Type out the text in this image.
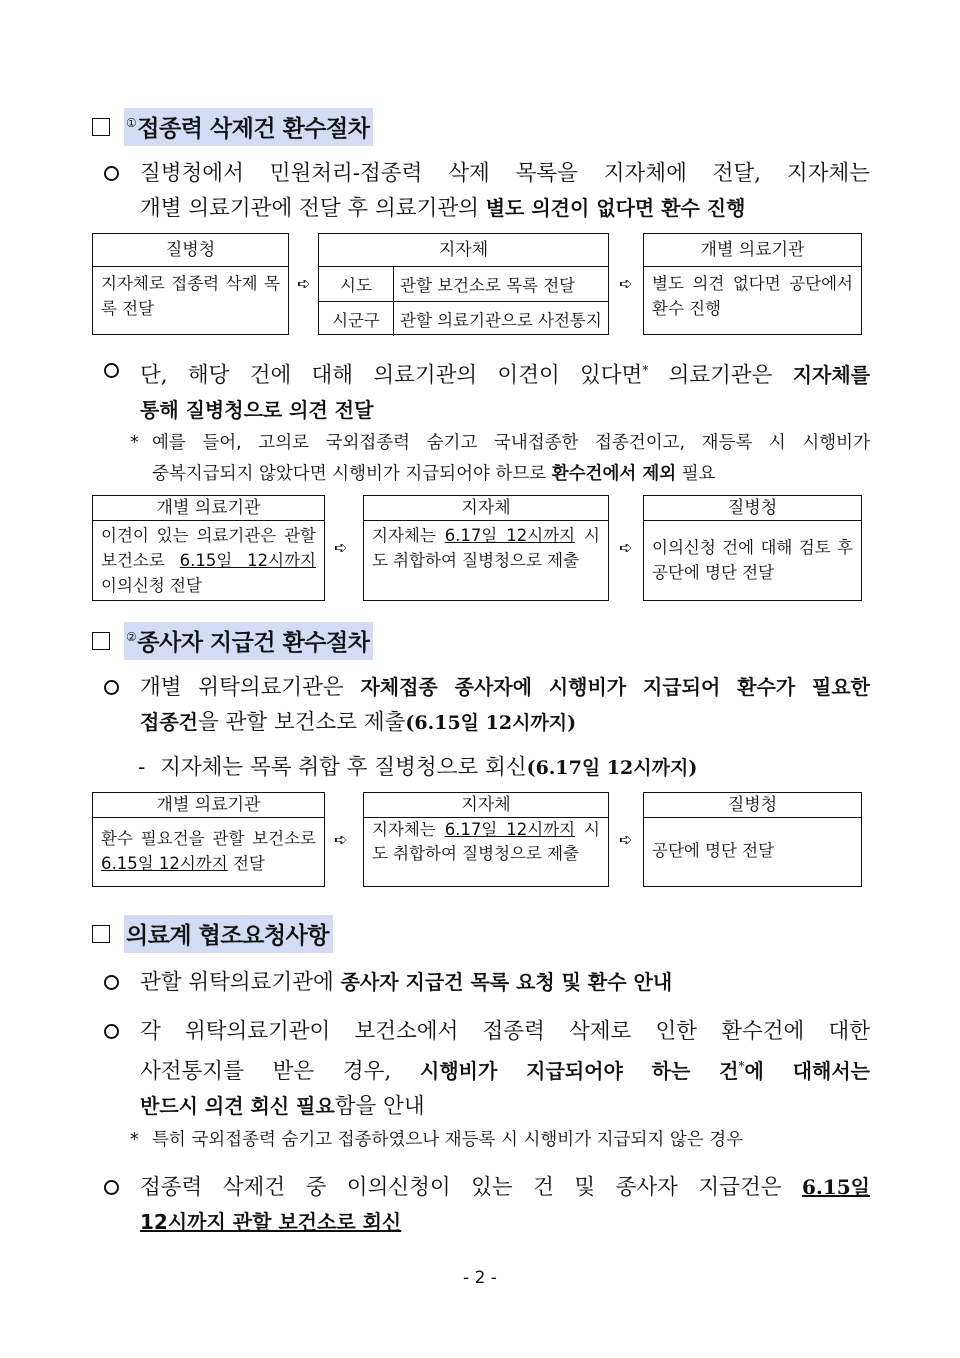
①접종력 삭제건 환수절차
질병청에서 민원처리-접종력 삭제 목록을 지자체에 전달, 지자체는
개별 의료기관에 전달 후 의료기관의 별도 의견이 없다면 환수 진행
질병청
지자체로 접종력 삭제 목록 전달
➪
지자체
시도	관할 보건소로 목록 전달
시군구	관할 의료기관으로 사전통지
➪
개별 의료기관
별도 의견 없다면 공단에서 환수 진행
단, 해당 건에 대해 의료기관의 이견이 있다면* 의료기관은 지자체를
통해 질병청으로 의견 전달
* 예를 들어, 고의로 국외접종력 숨기고 국내접종한 접종건이고, 재등록 시 시행비가
중복지급되지 않았다면 시행비가 지급되어야 하므로 환수건에서 제외 필요
개별 의료기관
이견이 있는 의료기관은 관할 보건소로 6.15일 12시까지 이의신청 전달
➪
지자체
지자체는 6.17일 12시까지 시도 취합하여 질병청으로 제출
➪
질병청
이의신청 건에 대해 검토 후 공단에 명단 전달
②종사자 지급건 환수절차
개별 위탁의료기관은 자체접종 종사자에 시행비가 지급되어 환수가 필요한
접종건을 관할 보건소로 제출(6.15일 12시까지)
- 지자체는 목록 취합 후 질병청으로 회신(6.17일 12시까지)
개별 의료기관
환수 필요건을 관할 보건소로 6.15일 12시까지 전달
➪
지자체
지자체는 6.17일 12시까지 시도 취합하여 질병청으로 제출
➪
질병청
공단에 명단 전달
의료계 협조요청사항
관할 위탁의료기관에 종사자 지급건 목록 요청 및 환수 안내
각 위탁의료기관이 보건소에서 접종력 삭제로 인한 환수건에 대한
사전통지를 받은 경우, 시행비가 지급되어야 하는 건*에 대해서는
반드시 의견 회신 필요함을 안내
* 특히 국외접종력 숨기고 접종하였으나 재등록 시 시행비가 지급되지 않은 경우
접종력 삭제건 중 이의신청이 있는 건 및 종사자 지급건은 6.15일
12시까지 관할 보건소로 회신
- 2 -
